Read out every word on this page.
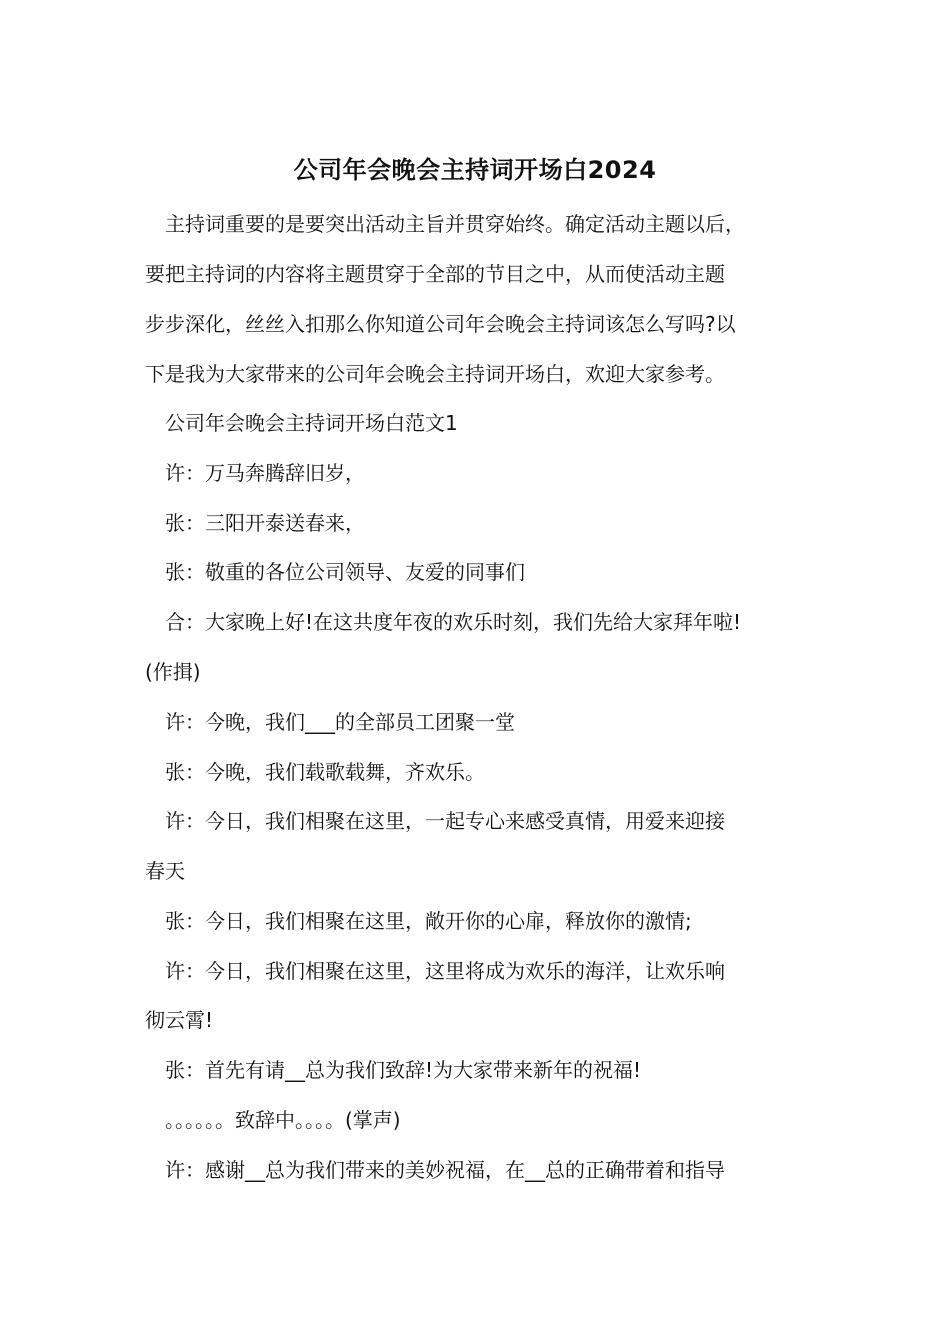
公司年会晚会主持词开场白2024
　主持词重要的是要突出活动主旨并贯穿始终。确定活动主题以后，
要把主持词的内容将主题贯穿于全部的节目之中，从而使活动主题
步步深化，丝丝入扣那么你知道公司年会晚会主持词该怎么写吗?以
下是我为大家带来的公司年会晚会主持词开场白，欢迎大家参考。
　公司年会晚会主持词开场白范文1
　许：万马奔腾辞旧岁，
　张：三阳开泰送春来，
　张：敬重的各位公司领导、友爱的同事们
　合：大家晚上好!在这共度年夜的欢乐时刻，我们先给大家拜年啦!
(作揖)
　许：今晚，我们___的全部员工团聚一堂
　张：今晚，我们载歌载舞，齐欢乐。
　许：今日，我们相聚在这里，一起专心来感受真情，用爱来迎接
春天
　张：今日，我们相聚在这里，敞开你的心扉，释放你的激情;
　许：今日，我们相聚在这里，这里将成为欢乐的海洋，让欢乐响
彻云霄!
　张：首先有请__总为我们致辞!为大家带来新年的祝福!
　。。。。。。致辞中。。。。(掌声)
　许：感谢__总为我们带来的美妙祝福，在__总的正确带着和指导
